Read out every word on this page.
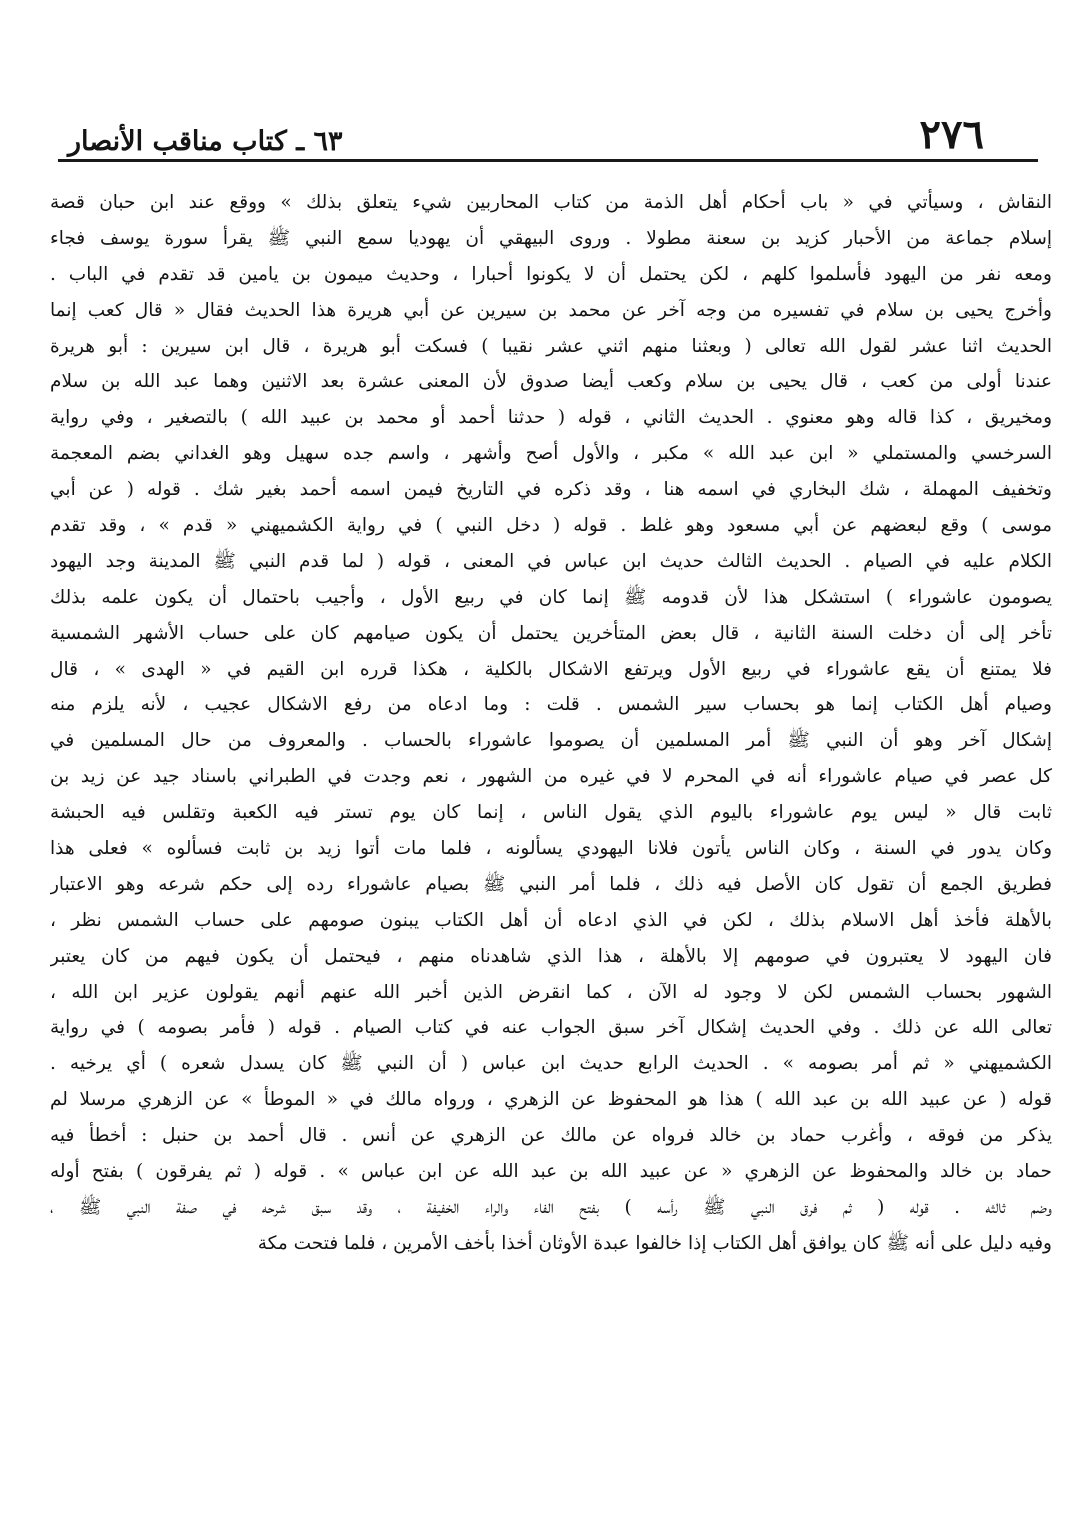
٢٧٦
٦٣ ـ كتاب مناقب الأنصار
النقاش ، وسيأتي في « باب أحكام أهل الذمة من كتاب المحاربين شيء يتعلق بذلك » ووقع عند ابن حبان قصة
إسلام جماعة من الأحبار كزيد بن سعنة مطولا . وروى البيهقي أن يهوديا سمع النبي ﷺ يقرأ سورة يوسف فجاء
ومعه نفر من اليهود فأسلموا كلهم ، لكن يحتمل أن لا يكونوا أحبارا ، وحديث ميمون بن يامين قد تقدم في الباب .
وأخرج يحيى بن سلام في تفسيره من وجه آخر عن محمد بن سيرين عن أبي هريرة هذا الحديث فقال « قال كعب إنما
الحديث اثنا عشر لقول الله تعالى ( وبعثنا منهم اثني عشر نقيبا ) فسكت أبو هريرة ، قال ابن سيرين : أبو هريرة
عندنا أولى من كعب ، قال يحيى بن سلام وكعب أيضا صدوق لأن المعنى عشرة بعد الاثنين وهما عبد الله بن سلام
ومخيريق ، كذا قاله وهو معنوي . الحديث الثاني ، قوله ( حدثنا أحمد أو محمد بن عبيد الله ) بالتصغير ، وفي رواية
السرخسي والمستملي « ابن عبد الله » مكبر ، والأول أصح وأشهر ، واسم جده سهيل وهو الغداني بضم المعجمة
وتخفيف المهملة ، شك البخاري في اسمه هنا ، وقد ذكره في التاريخ فيمن اسمه أحمد بغير شك . قوله ( عن أبي
موسى ) وقع لبعضهم عن أبي مسعود وهو غلط . قوله ( دخل النبي ) في رواية الكشميهني « قدم » ، وقد تقدم
الكلام عليه في الصيام . الحديث الثالث حديث ابن عباس في المعنى ، قوله ( لما قدم النبي ﷺ المدينة وجد اليهود
يصومون عاشوراء ) استشكل هذا لأن قدومه ﷺ إنما كان في ربيع الأول ، وأجيب باحتمال أن يكون علمه بذلك
تأخر إلى أن دخلت السنة الثانية ، قال بعض المتأخرين يحتمل أن يكون صيامهم كان على حساب الأشهر الشمسية
فلا يمتنع أن يقع عاشوراء في ربيع الأول ويرتفع الاشكال بالكلية ، هكذا قرره ابن القيم في « الهدى » ، قال
وصيام أهل الكتاب إنما هو بحساب سير الشمس . قلت : وما ادعاه من رفع الاشكال عجيب ، لأنه يلزم منه
إشكال آخر وهو أن النبي ﷺ أمر المسلمين أن يصوموا عاشوراء بالحساب . والمعروف من حال المسلمين في
كل عصر في صيام عاشوراء أنه في المحرم لا في غيره من الشهور ، نعم وجدت في الطبراني باسناد جيد عن زيد بن
ثابت قال « ليس يوم عاشوراء باليوم الذي يقول الناس ، إنما كان يوم تستر فيه الكعبة وتقلس فيه الحبشة
وكان يدور في السنة ، وكان الناس يأتون فلانا اليهودي يسألونه ، فلما مات أتوا زيد بن ثابت فسألوه » فعلى هذا
فطريق الجمع أن تقول كان الأصل فيه ذلك ، فلما أمر النبي ﷺ بصيام عاشوراء رده إلى حكم شرعه وهو الاعتبار
بالأهلة فأخذ أهل الاسلام بذلك ، لكن في الذي ادعاه أن أهل الكتاب يبنون صومهم على حساب الشمس نظر ،
فان اليهود لا يعتبرون في صومهم إلا بالأهلة ، هذا الذي شاهدناه منهم ، فيحتمل أن يكون فيهم من كان يعتبر
الشهور بحساب الشمس لكن لا وجود له الآن ، كما انقرض الذين أخبر الله عنهم أنهم يقولون عزير ابن الله ،
تعالى الله عن ذلك . وفي الحديث إشكال آخر سبق الجواب عنه في كتاب الصيام . قوله ( فأمر بصومه ) في رواية
الكشميهني « ثم أمر بصومه » . الحديث الرابع حديث ابن عباس ( أن النبي ﷺ كان يسدل شعره ) أي يرخيه .
قوله ( عن عبيد الله بن عبد الله ) هذا هو المحفوظ عن الزهري ، ورواه مالك في « الموطأ » عن الزهري مرسلا لم
يذكر من فوقه ، وأغرب حماد بن خالد فرواه عن مالك عن الزهري عن أنس . قال أحمد بن حنبل : أخطأ فيه
حماد بن خالد والمحفوظ عن الزهري « عن عبيد الله بن عبد الله عن ابن عباس » . قوله ( ثم يفرقون ) بفتح أوله
وضم ثالثه . قوله ( ثم فرق النبي ﷺ رأسه ) بفتح الفاء والراء الخفيفة ، وقد سبق شرحه في صفة النبي ﷺ ،
وفيه دليل على أنه ﷺ كان يوافق أهل الكتاب إذا خالفوا عبدة الأوثان أخذا بأخف الأمرين ، فلما فتحت مكة
